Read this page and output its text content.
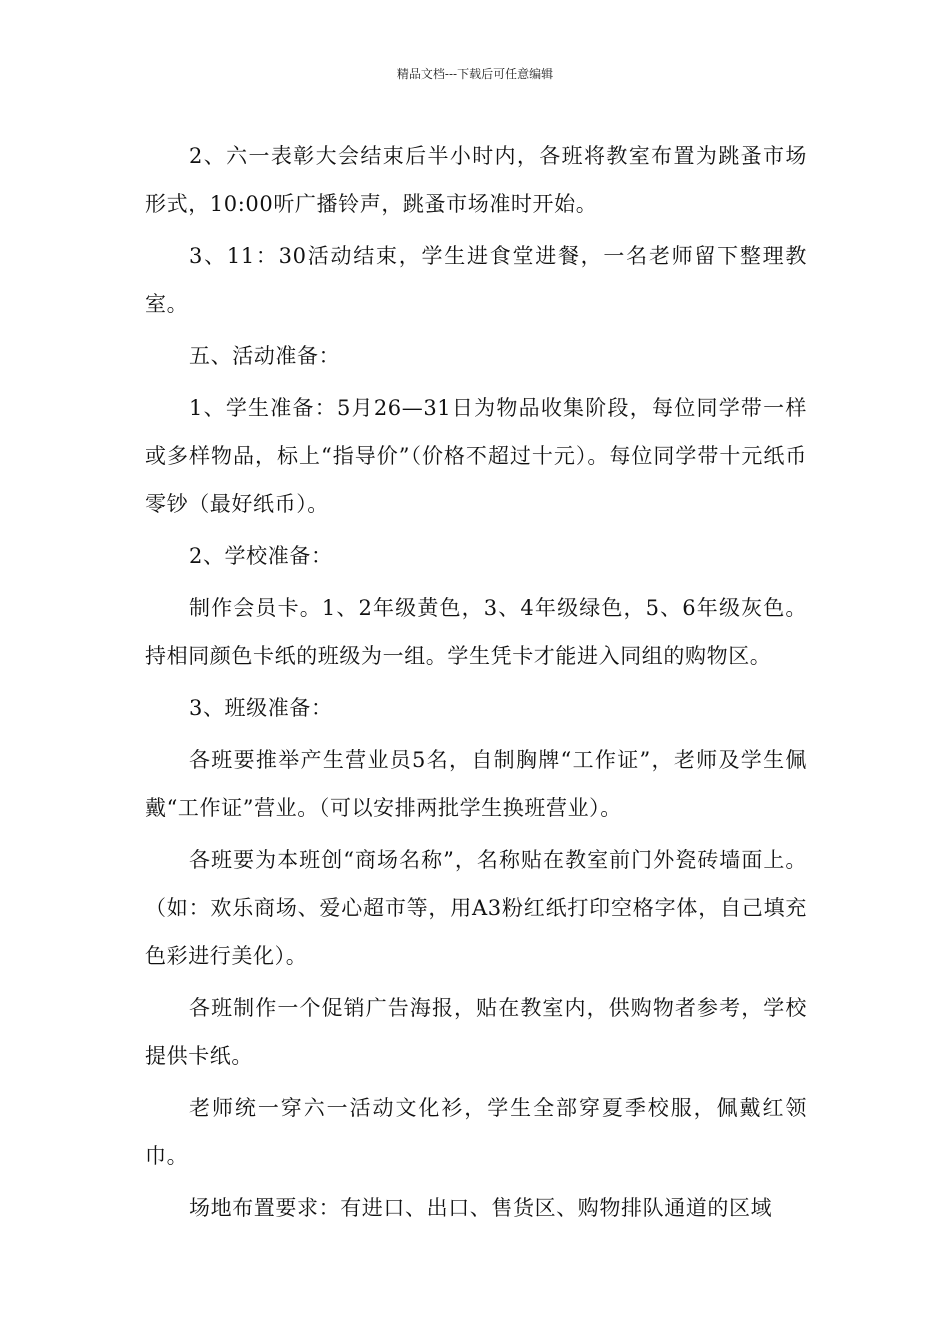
精品文档---下载后可任意编辑

2、六一表彰大会结束后半小时内，各班将教室布置为跳蚤市场形式，10:00听广播铃声，跳蚤市场准时开始。

3、11：30活动结束，学生进食堂进餐，一名老师留下整理教室。

五、活动准备：

1、学生准备：5月26—31日为物品收集阶段，每位同学带一样或多样物品，标上“指导价”（价格不超过十元）。每位同学带十元纸币零钞（最好纸币）。

2、学校准备：

制作会员卡。1、2年级黄色，3、4年级绿色，5、6年级灰色。持相同颜色卡纸的班级为一组。学生凭卡才能进入同组的购物区。

3、班级准备：

各班要推举产生营业员5名，自制胸牌“工作证”，老师及学生佩戴“工作证”营业。（可以安排两批学生换班营业）。

各班要为本班创“商场名称”，名称贴在教室前门外瓷砖墙面上。（如：欢乐商场、爱心超市等，用A3粉红纸打印空格字体，自己填充色彩进行美化）。

各班制作一个促销广告海报，贴在教室内，供购物者参考，学校提供卡纸。

老师统一穿六一活动文化衫，学生全部穿夏季校服，佩戴红领巾。

场地布置要求：有进口、出口、售货区、购物排队通道的区域
